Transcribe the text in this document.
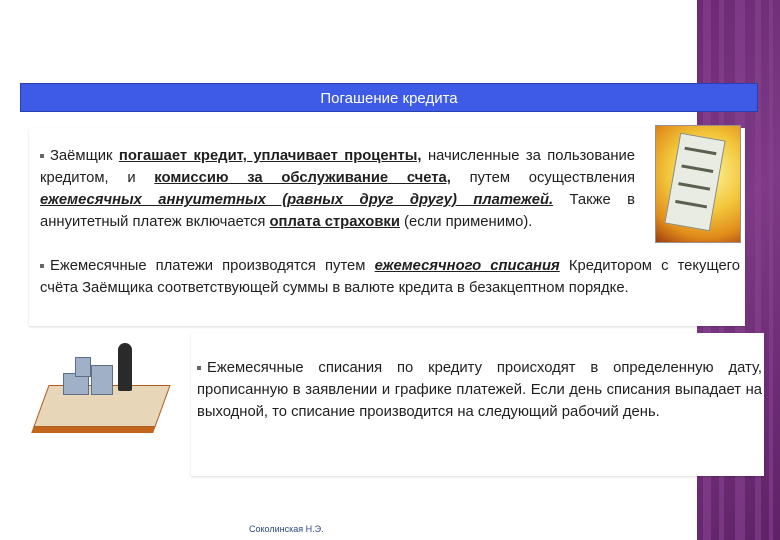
Погашение кредита
Заёмщик погашает кредит, уплачивает проценты, начисленные за пользование кредитом, и комиссию за обслуживание счета, путем осуществления ежемесячных аннуитетных (равных друг другу) платежей. Также в аннуитетный платеж включается оплата страховки (если применимо).
Ежемесячные платежи производятся путем ежемесячного списания Кредитором с текущего счёта Заёмщика соответствующей суммы в валюте кредита в безакцептном порядке.
Ежемесячные списания по кредиту происходят в определенную дату, прописанную в заявлении и графике платежей. Если день списания выпадает на выходной, то списание производится на следующий рабочий день.
Соколинская Н.Э.
